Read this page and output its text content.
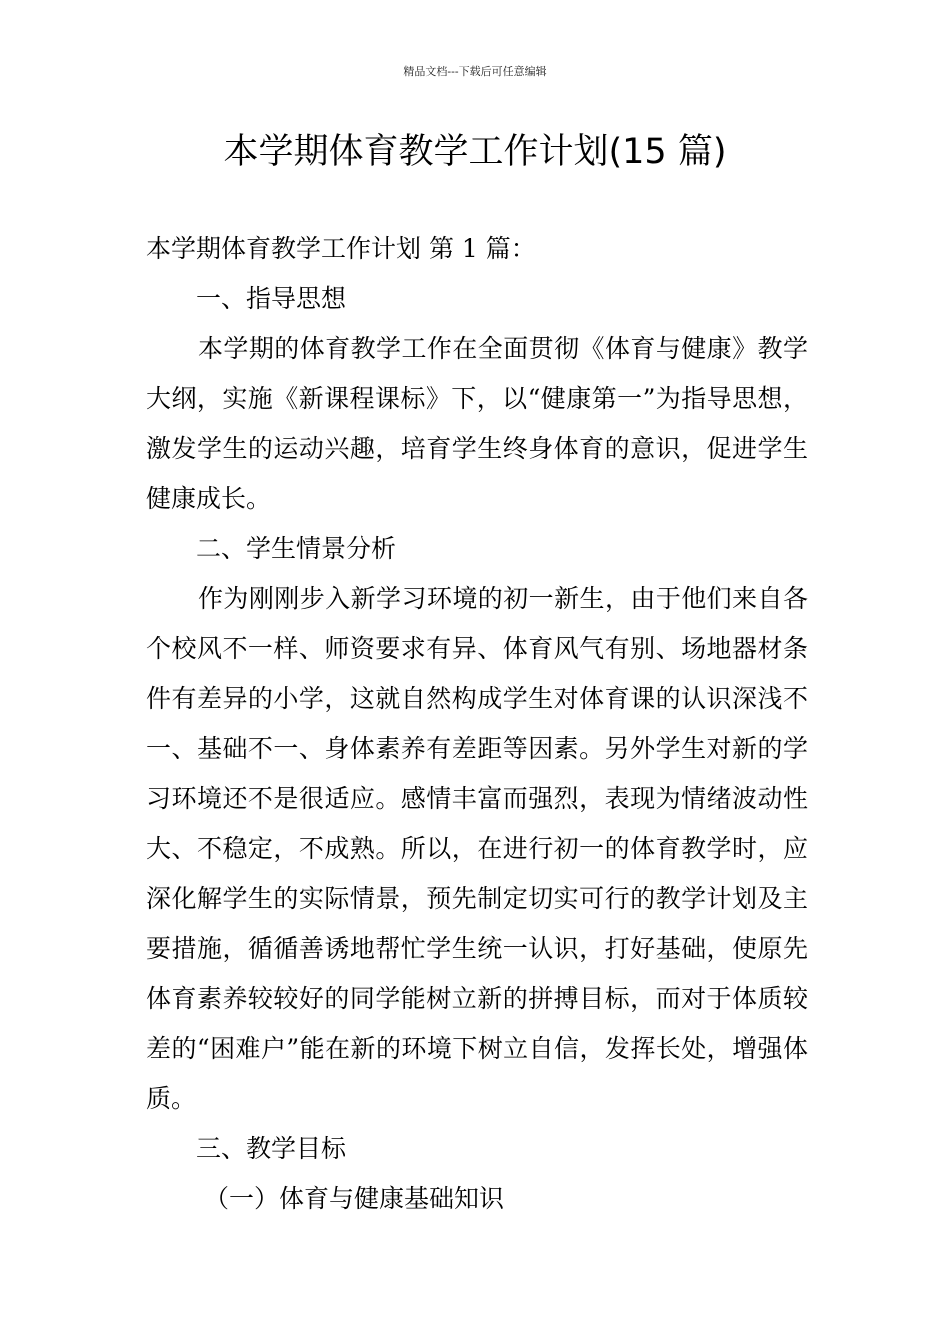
精品文档---下载后可任意编辑
本学期体育教学工作计划(15 篇)

本学期体育教学工作计划 第 1 篇：

一、指导思想

本学期的体育教学工作在全面贯彻《体育与健康》教学大纲，实施《新课程课标》下，以“健康第一”为指导思想，激发学生的运动兴趣，培育学生终身体育的意识，促进学生健康成长。

二、学生情景分析

作为刚刚步入新学习环境的初一新生，由于他们来自各个校风不一样、师资要求有异、体育风气有别、场地器材条件有差异的小学，这就自然构成学生对体育课的认识深浅不一、基础不一、身体素养有差距等因素。另外学生对新的学习环境还不是很适应。感情丰富而强烈，表现为情绪波动性大、不稳定，不成熟。所以，在进行初一的体育教学时，应深化解学生的实际情景，预先制定切实可行的教学计划及主要措施，循循善诱地帮忙学生统一认识，打好基础，使原先体育素养较较好的同学能树立新的拼搏目标，而对于体质较差的“困难户”能在新的环境下树立自信，发挥长处，增强体质。

三、教学目标

（一）体育与健康基础知识
